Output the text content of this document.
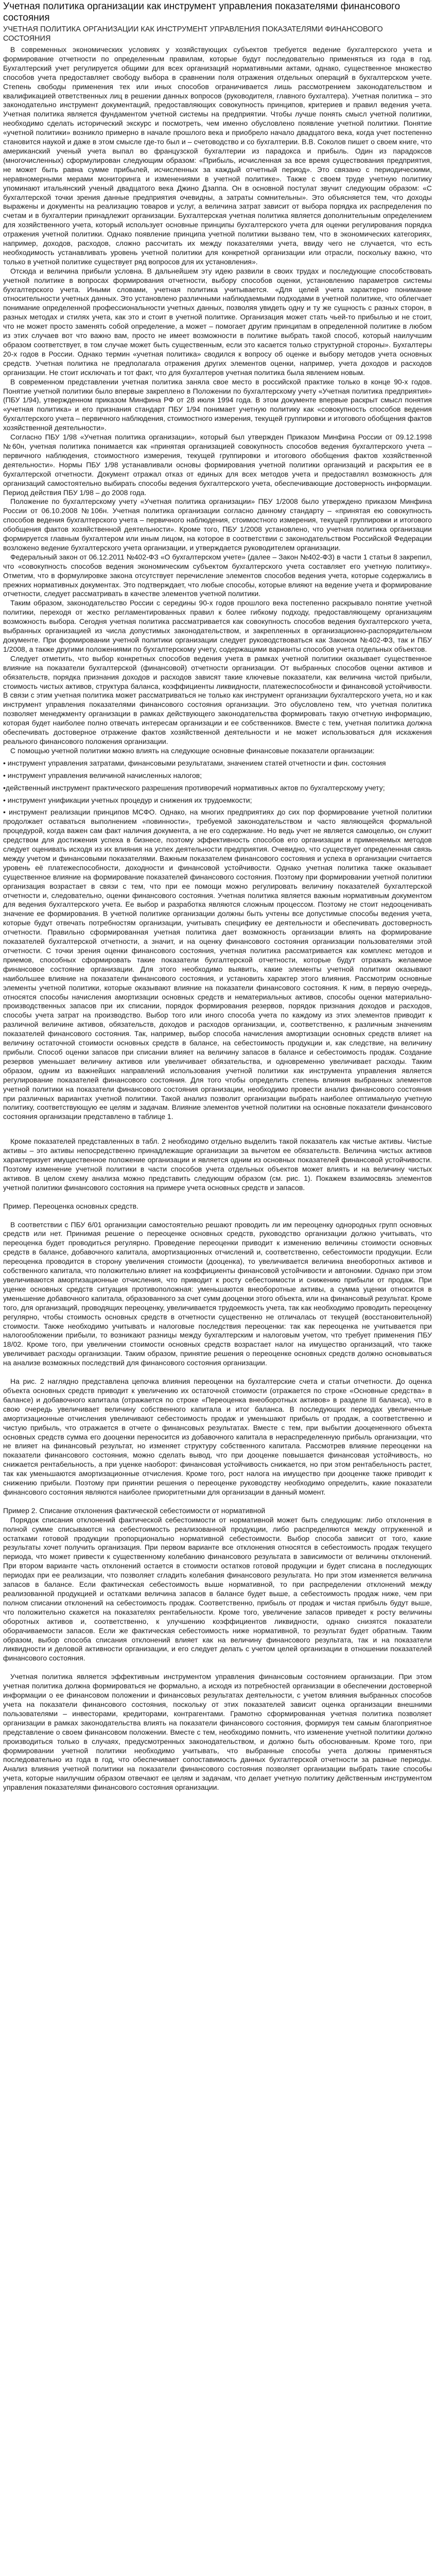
Учетная политика организации как инструмент управления показателями финансового состояния
УЧЕТНАЯ ПОЛИТИКА ОРГАНИЗАЦИИ КАК ИНСТРУМЕНТ УПРАВЛЕНИЯ ПОКАЗАТЕЛЯМИ ФИНАНСОВОГО СОСТОЯНИЯ

В современных экономических условиях у хозяйствующих субъектов требуется ведение бухгалтерского учета и формирование отчетности по определенным правилам, которые будут последовательно применяться из года в год. Бухгалтерский учет регулируется общими для всех организаций нормативными актами, однако, существенное множество способов учета предоставляет свободу выбора в сравнении поля отражения отдельных операций в бухгалтерском учете. Степень свободы применения тех или иных способов ограничивается лишь рассмотрением законодательством и квалификацией ответственных лиц в решении данных вопросов (руководителя, главного бухгалтера). Учетная политика – это законодательно инструмент документаций, предоставляющих совокупность принципов, критериев и правил ведения учета. Учетная политика является фундаментом учетной системы на предприятии. Чтобы лучше понять смысл учетной политики, необходимо сделать исторический экскурс и посмотреть, чем именно обусловлено появление учетной политики. Понятие «учетной политики» возникло примерно в начале прошлого века и приобрело начало двадцатого века, когда учет постепенно становится наукой и даже в этом смысле где-то был и – счетоводство и со бухгалтерии. В.В. Соколов пишет о своем книге, что американский ученый учета выпал во французской бухгалтерии из парадокса и прибыль. Один из парадоксов (многочисленных) сформулирован следующим образом: «Прибыль, исчисленная за все время существования предприятия, не может быть равна сумме прибылей, исчисленных за каждый отчетный период». Это связано с периодическими, неравномерными мерами мониторинга и изменениями в учетной политике». Также с своем труде учетную политику упоминают итальянский ученый двадцатого века Джино Дзаппа. Он в основной постулат звучит следующим образом: «С бухгалтерской точки зрения данные предприятия очевидны, а затраты сомнительны». Это объясняется тем, что доходы выражены и документы на реализацию товаров и услуг, а величина затрат зависит от выбора порядка их распределения по счетам и в бухгалтерии принадлежит организации. Бухгалтерская учетная политика является дополнительным определением для хозяйственного учета, который использует основные принципы бухгалтерского учета для оценки регулирования порядка отражения учетной политики. Однако появление принципа учетной политики вызвано тем, что в экономических категориях, например, доходов, расходов, сложно рассчитать их между показателями учета, ввиду чего не случается, что есть необходимость устанавливать уровень учетной политики для конкретной организации или отрасли, поскольку важно, что только в учетной политике существует ряд вопросов для их установления».

Отсюда и величина прибыли условна. В дальнейшем эту идею развили в своих трудах и последующие способствовать учетной политике в вопросах формирования отчетности, выбору способов оценки, установлению параметров системы бухгалтерского учета. Иными словами, учетная политика учитывается. «Для целей учета характерно понимание относительности учетных данных. Это установлено различными наблюдаемыми подходами в учетной политике, что облегчает понимание определенной профессиональности учетных данных, позволяя увидеть одну и ту же сущность с разных сторон, в разных методах и стилях учета, как это и стоит в учетной политике. Организация может стать чьей-то прибылью и не стоит, что не может просто заменять собой определение, а может – помогает другим принципам в определенной политике в любом из этих случаев вот что важно вам, просто не имеет возможности в политике выбрать такой способ, который наилучшим образом соответствует, в том случае может быть существенным, если это касается только структурной стороны». Бухгалтеры 20-х годов в России. Однако термин «учетная политика» сводился к вопросу об оценке и выбору методов учета основных средств. Учетная политика не предполагала отражения других элементов оценки, например, учета доходов и расходов организации. Не стоит исключать и тот факт, что для бухгалтеров учетная политика была явлением новым.

В современном представлении учетная политика заняла свое место в российской практике только в конце 90-х годов. Понятие учетной политики было впервые закреплено в Положении по бухгалтерскому учету «Учетная политика предприятия» (ПБУ 1/94), утвержденном приказом Минфина РФ от 28 июля 1994 года. В этом документе впервые раскрыт смысл понятия «учетная политика» и его признания стандарт ПБУ 1/94 понимает учетную политику как «совокупность способов ведения бухгалтерского учета – первичного наблюдения, стоимостного измерения, текущей группировки и итогового обобщения фактов хозяйственной деятельности».

Согласно ПБУ 1/98 «Учетная политика организации», который был утвержден Приказом Минфина России от 09.12.1998 №60н, учетная политика понимается как «принятая организацией совокупность способов ведения бухгалтерского учета – первичного наблюдения, стоимостного измерения, текущей группировки и итогового обобщения фактов хозяйственной деятельности». Нормы ПБУ 1/98 устанавливали основы формирования учетной политики организаций и раскрытия ее в бухгалтерской отчетности. Документ отражал отказ от единых для всех методов учета и предоставлял возможность для организаций самостоятельно выбирать способы ведения бухгалтерского учета, обеспечивающие достоверность информации. Период действия ПБУ 1/98 – до 2008 года.

Положение по бухгалтерскому учету «Учетная политика организации» ПБУ 1/2008 было утверждено приказом Минфина России от 06.10.2008 №106н. Учетная политика организации согласно данному стандарту – «принятая ею совокупность способов ведения бухгалтерского учета – первичного наблюдения, стоимостного измерения, текущей группировки и итогового обобщения фактов хозяйственной деятельности». Кроме того, ПБУ 1/2008 установлено, что учетная политика организации формируется главным бухгалтером или иным лицом, на которое в соответствии с законодательством Российской Федерации возложено ведение бухгалтерского учета организации, и утверждается руководителем организации.

Федеральный закон от 06.12.2011 №402-ФЗ «О бухгалтерском учете» (далее – Закон №402-ФЗ) в части 1 статьи 8 закрепил, что «совокупность способов ведения экономическим субъектом бухгалтерского учета составляет его учетную политику». Отметим, что в формулировке закона отсутствует перечисление элементов способов ведения учета, которые содержались в прежних нормативных документах. Это подтверждает, что любые способы, которые влияют на ведение учета и формирование отчетности, следует рассматривать в качестве элементов учетной политики.

Таким образом, законодательство России с середины 90-х годов прошлого века постепенно раскрывало понятие учетной политики, переходя от жестко регламентированных правил к более гибкому подходу, предоставляющему организациям возможность выбора. Сегодня учетная политика рассматривается как совокупность способов ведения бухгалтерского учета, выбранных организацией из числа допустимых законодательством, и закрепленных в организационно-распорядительном документе. При формировании учетной политики организации следует руководствоваться как Законом №402-ФЗ, так и ПБУ 1/2008, а также другими положениями по бухгалтерскому учету, содержащими варианты способов учета отдельных объектов.

Следует отметить, что выбор конкретных способов ведения учета в рамках учетной политики оказывает существенное влияние на показатели бухгалтерской (финансовой) отчетности организации. От выбранных способов оценки активов и обязательств, порядка признания доходов и расходов зависят такие ключевые показатели, как величина чистой прибыли, стоимость чистых активов, структура баланса, коэффициенты ликвидности, платежеспособности и финансовой устойчивости. В связи с этим учетная политика может рассматриваться не только как инструмент организации бухгалтерского учета, но и как инструмент управления показателями финансового состояния организации. Это обусловлено тем, что учетная политика позволяет менеджменту организации в рамках действующего законодательства формировать такую отчетную информацию, которая будет наиболее полно отвечать интересам организации и ее собственников. Вместе с тем, учетная политика должна обеспечивать достоверное отражение фактов хозяйственной деятельности и не может использоваться для искажения реального финансового положения организации.

С помощью учетной политики можно влиять на следующие основные финансовые показатели организации:

• инструмент управления затратами, финансовыми результатами, значением статей отчетности и фин. состояния

• инструмент управления величиной начисленных налогов;

•действенный инструмент практического разрешения противоречий нормативных актов по бухгалтерскому учету;

• инструмент унификации учетных процедур и снижения их трудоемкости;

• инструмент реализации принципов МСФО. Однако, на многих предприятиях до сих пор формирование учетной политики продолжает оставаться выполнением «повинности», требуемой законодательством и часто являющейся формальной процедурой, когда важен сам факт наличия документа, а не его содержание. Но ведь учет не является самоцелью, он служит средством для достижения успеха в бизнесе, поэтому эффективность способов его организации и применяемых методов следует оценивать исходя из их влияния на успех деятельности предприятия. Очевидно, что существует определенная связь между учетом и финансовыми показателями. Важным показателем финансового состояния и успеха в организации считается уровень её платежеспособности, доходности и финансовой устойчивости. Однако учетная политика также оказывает существенное влияние на формирование показателей финансового состояния. Поэтому при формировании учетной политики организация возрастает в связи с тем, что при ее помощи можно регулировать величину показателей бухгалтерской отчетности и, следовательно, оценки финансового состояния. Учетная политика является важным нормативным документом для ведения бухгалтерского учета. Ее выбор и разработка являются сложным процессом. Поэтому не стоит недооценивать значение ее формирования. В учетной политике организации должны быть учтены все допустимые способы ведения учета, которые будут отвечать потребностям организации, учитывать специфику ее деятельности и обеспечивать достоверность отчетности. Правильно сформированная учетная политика дает возможность организации влиять на формирование показателей бухгалтерской отчетности, а значит, и на оценку финансового состояния организации пользователями этой отчетности. С точки зрения оценки финансового состояния, учетная политика рассматривается как комплекс методов и приемов, способных сформировать такие показатели бухгалтерской отчетности, которые будут отражать желаемое финансовое состояние организации. Для этого необходимо выявить, какие элементы учетной политики оказывают наибольшее влияние на показатели финансового состояния, и установить характер этого влияния. Рассмотрим основные элементы учетной политики, которые оказывают влияние на показатели финансового состояния. К ним, в первую очередь, относятся способы начисления амортизации основных средств и нематериальных активов, способы оценки материально-производственных запасов при их списании, порядок формирования резервов, порядок признания доходов и расходов, способы учета затрат на производство. Выбор того или иного способа учета по каждому из этих элементов приводит к различной величине активов, обязательств, доходов и расходов организации, и, соответственно, к различным значениям показателей финансового состояния. Так, например, выбор способа начисления амортизации основных средств влияет на величину остаточной стоимости основных средств в балансе, на себестоимость продукции и, как следствие, на величину прибыли. Способ оценки запасов при списании влияет на величину запасов в балансе и себестоимость продаж. Создание резервов уменьшает величину активов или увеличивает обязательства, и одновременно увеличивает расходы. Таким образом, одним из важнейших направлений использования учетной политики как инструмента управления является регулирование показателей финансового состояния. Для того чтобы определить степень влияния выбранных элементов учетной политики на показатели финансового состояния организации, необходимо провести анализ финансового состояния при различных вариантах учетной политики. Такой анализ позволит организации выбрать наиболее оптимальную учетную политику, соответствующую ее целям и задачам. Влияние элементов учетной политики на основные показатели финансового состояния организации представлено в таблице 1.

Кроме показателей представленных в табл. 2 необходимо отдельно выделить такой показатель как чистые активы. Чистые активы – это активы непосредственно принадлежащие организации за вычетом ее обязательств. Величина чистых активов характеризует имущественное положение организации и является одним из основных показателей финансовой устойчивости. Поэтому изменение учетной политики в части способов учета отдельных объектов может влиять и на величину чистых активов. В целом схему анализа можно представить следующим образом (см. рис. 1). Покажем взаимосвязь элементов учетной политики финансового состояния на примере учета основных средств и запасов.

Пример. Переоценка основных средств.

В соответствии с ПБУ 6/01 организации самостоятельно решают проводить ли им переоценку однородных групп основных средств или нет. Принимая решение о переоценке основных средств, руководство организации должно учитывать, что переоценка будет проводиться регулярно. Проведение переоценки приводит к изменению величины стоимости основных средств в балансе, добавочного капитала, амортизационных отчислений и, соответственно, себестоимости продукции. Если переоценка проводится в сторону увеличения стоимости (дооценка), то увеличивается величина внеоборотных активов и собственного капитала, что положительно влияет на коэффициенты финансовой устойчивости и автономии. Однако при этом увеличиваются амортизационные отчисления, что приводит к росту себестоимости и снижению прибыли от продаж. При уценке основных средств ситуация противоположная: уменьшаются внеоборотные активы, а сумма уценки относится в уменьшение добавочного капитала, образованного за счет сумм дооценки этого объекта, или на финансовый результат. Кроме того, для организаций, проводящих переоценку, увеличивается трудоемкость учета, так как необходимо проводить переоценку регулярно, чтобы стоимость основных средств в отчетности существенно не отличалась от текущей (восстановительной) стоимости. Также необходимо учитывать и налоговые последствия переоценки: так как переоценка не учитывается при налогообложении прибыли, то возникают разницы между бухгалтерским и налоговым учетом, что требует применения ПБУ 18/02. Кроме того, при увеличении стоимости основных средств возрастает налог на имущество организаций, что также увеличивает расходы организации. Таким образом, принятие решения о переоценке основных средств должно основываться на анализе возможных последствий для финансового состояния организации.

На рис. 2 наглядно представлена цепочка влияния переоценки на бухгалтерские счета и статьи отчетности. До оценка объекта основных средств приводит к увеличению их остаточной стоимости (отражается по строке «Основные средства» в балансе) и добавочного капитала (отражается по строке «Переоценка внеоборотных активов» в разделе III баланса), что в свою очередь увеличивает величину собственного капитала и итог баланса. В последующих периодах увеличенные амортизационные отчисления увеличивают себестоимость продаж и уменьшают прибыль от продаж, а соответственно и чистую прибыль, что отражается в отчете о финансовых результатах. Вместе с тем, при выбытии дооцененного объекта основных средств сумма его дооценки переносится из добавочного капитала в нераспределенную прибыль организации, что не влияет на финансовый результат, но изменяет структуру собственного капитала. Рассмотрев влияние переоценки на показатели финансового состояния, можно сделать вывод, что при дооценке повышается финансовая устойчивость, но снижается рентабельность, а при уценке наоборот: финансовая устойчивость снижается, но при этом рентабельность растет, так как уменьшаются амортизационные отчисления. Кроме того, рост налога на имущество при дооценке также приводит к снижению прибыли. Поэтому при принятии решения о переоценке руководству необходимо определить, какие показатели финансового состояния являются наиболее приоритетными для организации в данный момент.

Пример 2. Списание отклонения фактической себестоимости от нормативной

Порядок списания отклонений фактической себестоимости от нормативной может быть следующим: либо отклонения в полной сумме списываются на себестоимость реализованной продукции, либо распределяются между отгруженной и остатками готовой продукции пропорционально нормативной себестоимости. Выбор способа зависит от того, какие результаты хочет получить организация. При первом варианте все отклонения относятся в себестоимость продаж текущего периода, что может привести к существенному колебанию финансового результата в зависимости от величины отклонений. При втором варианте часть отклонений остается в стоимости остатков готовой продукции и будет списана в последующих периодах при ее реализации, что позволяет сгладить колебания финансового результата. Но при этом изменяется величина запасов в балансе. Если фактическая себестоимость выше нормативной, то при распределении отклонений между реализованной продукцией и остатками величина запасов в балансе будет выше, а себестоимость продаж ниже, чем при полном списании отклонений на себестоимость продаж. Соответственно, прибыль от продаж и чистая прибыль будут выше, что положительно скажется на показателях рентабельности. Кроме того, увеличение запасов приведет к росту величины оборотных активов и, соответственно, к улучшению коэффициентов ликвидности, однако снизятся показатели оборачиваемости запасов. Если же фактическая себестоимость ниже нормативной, то результат будет обратным. Таким образом, выбор способа списания отклонений влияет как на величину финансового результата, так и на показатели ликвидности и деловой активности организации, и его следует делать с учетом целей организации в отношении показателей финансового состояния.

Учетная политика является эффективным инструментом управления финансовым состоянием организации. При этом учетная политика должна формироваться не формально, а исходя из потребностей организации в обеспечении достоверной информации о ее финансовом положении и финансовых результатах деятельности, с учетом влияния выбранных способов учета на показатели финансового состояния, поскольку от этих показателей зависит оценка организации внешними пользователями – инвесторами, кредиторами, контрагентами. Грамотно сформированная учетная политика позволяет организации в рамках законодательства влиять на показатели финансового состояния, формируя тем самым благоприятное представление о своем финансовом положении. Вместе с тем, необходимо помнить, что изменение учетной политики должно производиться только в случаях, предусмотренных законодательством, и должно быть обоснованным. Кроме того, при формировании учетной политики необходимо учитывать, что выбранные способы учета должны применяться последовательно из года в год, что обеспечивает сопоставимость данных бухгалтерской отчетности за разные периоды. Анализ влияния учетной политики на показатели финансового состояния позволяет организации выбрать такие способы учета, которые наилучшим образом отвечают ее целям и задачам, что делает учетную политику действенным инструментом управления показателями финансового состояния организации.
